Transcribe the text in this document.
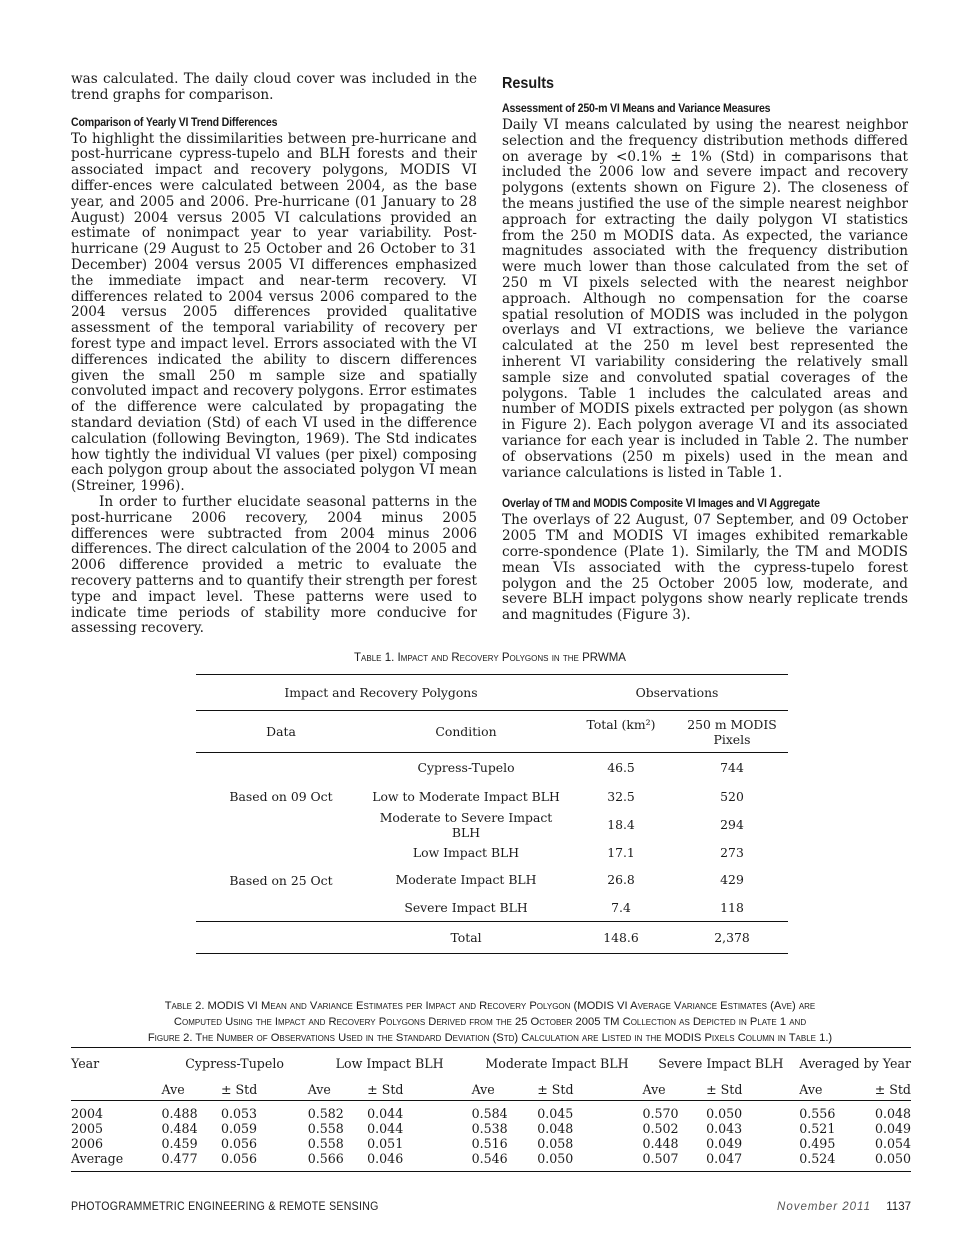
was calculated. The daily cloud cover was included in the trend graphs for comparison.

Comparison of Yearly VI Trend Differences

To highlight the dissimilarities between pre-hurricane and post-hurricane cypress-tupelo and BLH forests and their associated impact and recovery polygons, MODIS VI differ-ences were calculated between 2004, as the base year, and 2005 and 2006. Pre-hurricane (01 January to 28 August) 2004 versus 2005 VI calculations provided an estimate of nonimpact year to year variability. Post-hurricane (29 August to 25 October and 26 October to 31 December) 2004 versus 2005 VI differences emphasized the immediate impact and near-term recovery. VI differences related to 2004 versus 2006 compared to the 2004 versus 2005 differences provided qualitative assessment of the temporal variability of recovery per forest type and impact level. Errors associated with the VI differences indicated the ability to discern differences given the small 250 m sample size and spatially convoluted impact and recovery polygons. Error estimates of the difference were calculated by propagating the standard deviation (Std) of each VI used in the difference calculation (following Bevington, 1969). The Std indicates how tightly the individual VI values (per pixel) composing each polygon group about the associated polygon VI mean (Streiner, 1996).

In order to further elucidate seasonal patterns in the post-hurricane 2006 recovery, 2004 minus 2005 differences were subtracted from 2004 minus 2006 differences. The direct calculation of the 2004 to 2005 and 2006 difference provided a metric to evaluate the recovery patterns and to quantify their strength per forest type and impact level. These patterns were used to indicate time periods of stability more conducive for assessing recovery.

Results
Assessment of 250-m VI Means and Variance Measures

Daily VI means calculated by using the nearest neighbor selection and the frequency distribution methods differed on average by <0.1% ± 1% (Std) in comparisons that included the 2006 low and severe impact and recovery polygons (extents shown on Figure 2). The closeness of the means justified the use of the simple nearest neighbor approach for extracting the daily polygon VI statistics from the 250 m MODIS data. As expected, the variance magnitudes associated with the frequency distribution were much lower than those calculated from the set of 250 m VI pixels selected with the nearest neighbor approach. Although no compensation for the coarse spatial resolution of MODIS was included in the polygon overlays and VI extractions, we believe the variance calculated at the 250 m level best represented the inherent VI variability considering the relatively small sample size and convoluted spatial coverages of the polygons. Table 1 includes the calculated areas and number of MODIS pixels extracted per polygon (as shown in Figure 2). Each polygon average VI and its associated variance for each year is included in Table 2. The number of observations (250 m pixels) used in the mean and variance calculations is listed in Table 1.

Overlay of TM and MODIS Composite VI Images and VI Aggregate

The overlays of 22 August, 07 September, and 09 October 2005 TM and MODIS VI images exhibited remarkable corre-spondence (Plate 1). Similarly, the TM and MODIS mean VIs associated with the cypress-tupelo forest polygon and the 25 October 2005 low, moderate, and severe BLH impact polygons show nearly replicate trends and magnitudes (Figure 3).

Table 1. Impact and Recovery Polygons in the PRWMA
Impact and Recovery Polygons		Observations	
Data	Condition	Total (km²)	250 m MODIS Pixels
Based on 09 Oct	Cypress-Tupelo	46.5	744
	Low to Moderate Impact BLH	32.5	520
	Moderate to Severe Impact BLH	18.4	294
Based on 25 Oct	Low Impact BLH	17.1	273
	Moderate Impact BLH	26.8	429
	Severe Impact BLH	7.4	118
	Total	148.6	2,378
Table 2. MODIS VI Mean and Variance Estimates per Impact and Recovery Polygon (MODIS VI Average Variance Estimates (Ave) are
Computed Using the Impact and Recovery Polygons Derived from the 25 October 2005 TM Collection as Depicted in Plate 1 and
Figure 2. The Number of Observations Used in the Standard Deviation (Std) Calculation are Listed in the MODIS Pixels Column in Table 1.)
Year	Cypress-Tupelo		Low Impact BLH		Moderate Impact BLH		Severe Impact BLH		Averaged by Year	
	Ave	± Std	Ave	± Std	Ave	± Std	Ave	± Std	Ave	± Std
2004	0.488	0.053	0.582	0.044	0.584	0.045	0.570	0.050	0.556	0.048
2005	0.484	0.059	0.558	0.044	0.538	0.048	0.502	0.043	0.521	0.049
2006	0.459	0.056	0.558	0.051	0.516	0.058	0.448	0.049	0.495	0.054
Average	0.477	0.056	0.566	0.046	0.546	0.050	0.507	0.047	0.524	0.050
PHOTOGRAMMETRIC ENGINEERING & REMOTE SENSING	November 2011 1137
